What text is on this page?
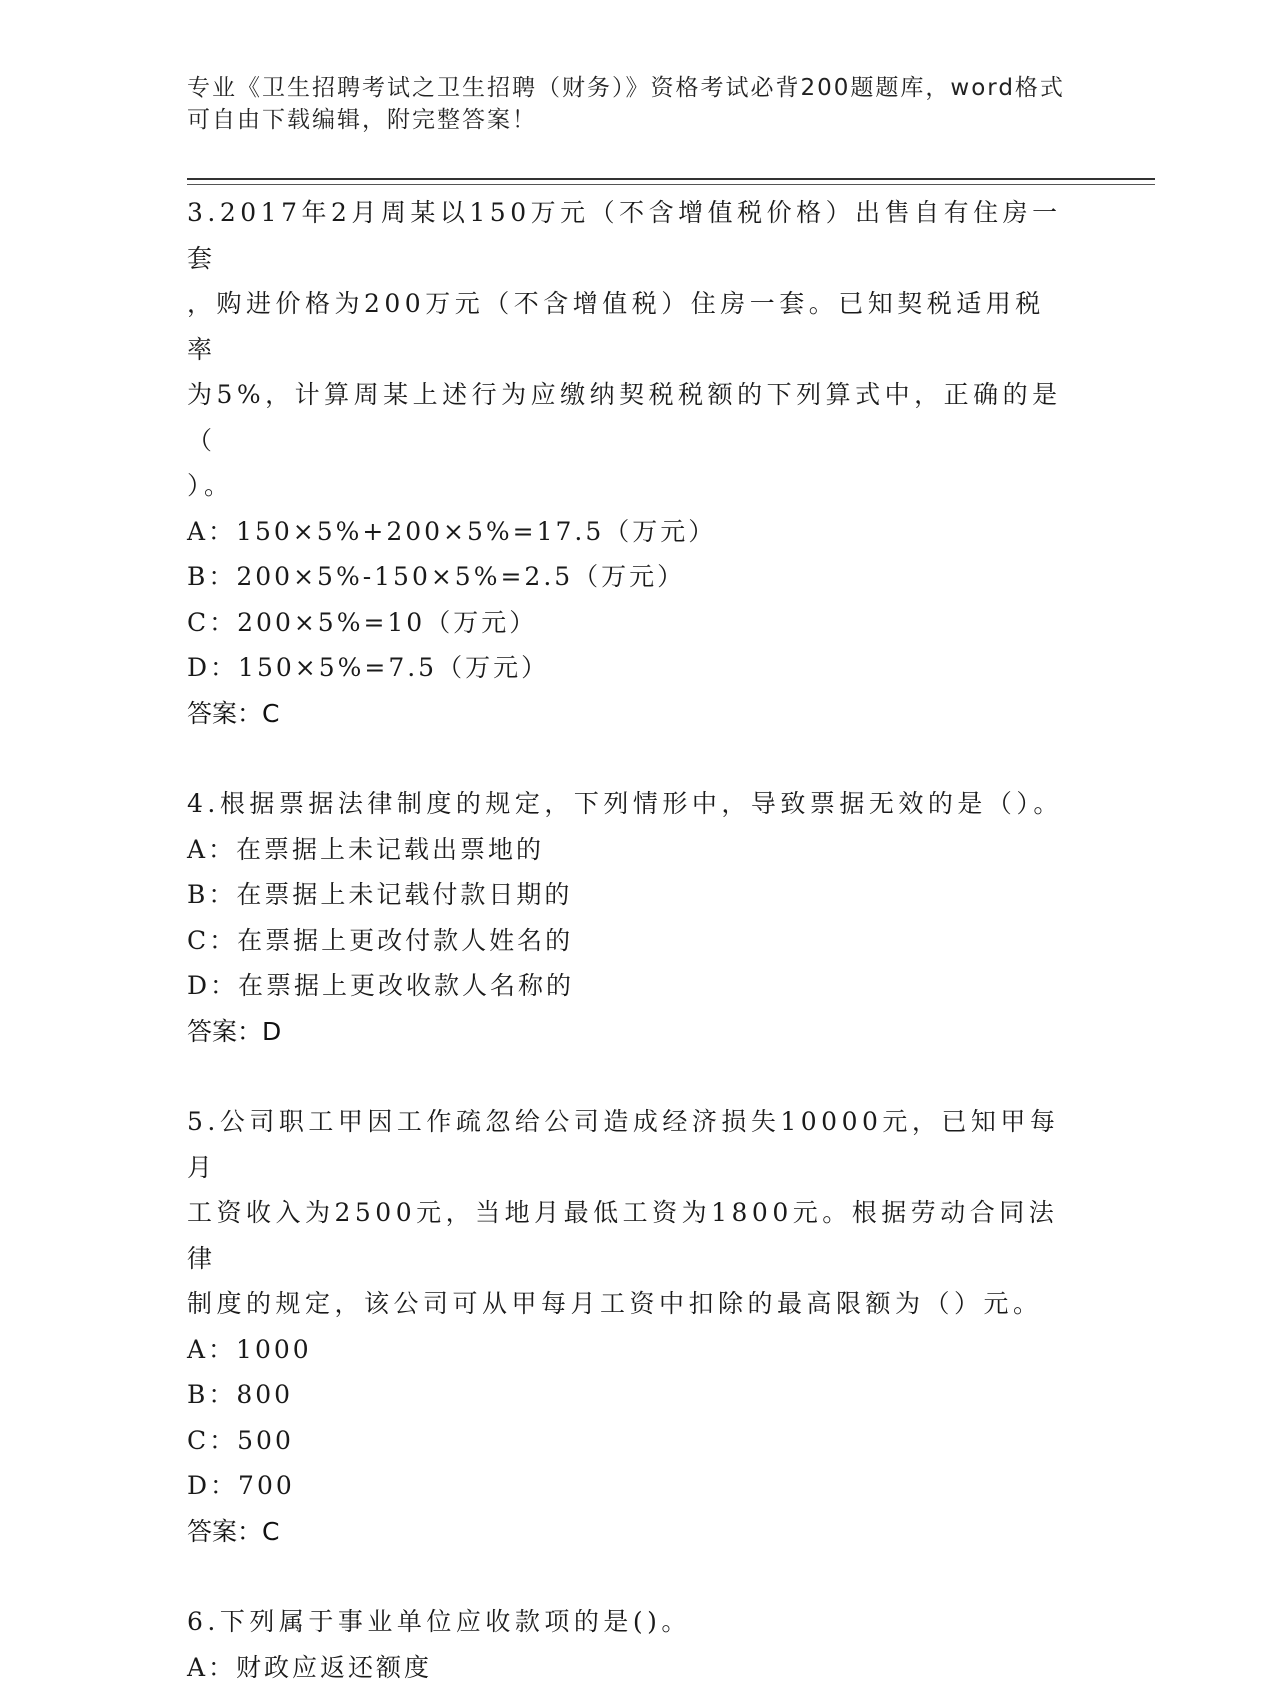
专业《卫生招聘考试之卫生招聘（财务）》资格考试必背200题题库，word格式
可自由下载编辑，附完整答案！

3.2017年2月周某以150万元（不含增值税价格）出售自有住房一套

，购进价格为200万元（不含增值税）住房一套。已知契税适用税率

为5%，计算周某上述行为应缴纳契税税额的下列算式中，正确的是（

）。

A：150×5%+200×5%=17.5（万元）

B：200×5%-150×5%=2.5（万元）

C：200×5%=10（万元）

D：150×5%=7.5（万元）

答案：C

4.根据票据法律制度的规定，下列情形中，导致票据无效的是（）。

A：在票据上未记载出票地的

B：在票据上未记载付款日期的

C：在票据上更改付款人姓名的

D：在票据上更改收款人名称的

答案：D

5.公司职工甲因工作疏忽给公司造成经济损失10000元，已知甲每月

工资收入为2500元，当地月最低工资为1800元。根据劳动合同法律

制度的规定，该公司可从甲每月工资中扣除的最高限额为（）元。

A：1000

B：800

C：500

D：700

答案：C

6.下列属于事业单位应收款项的是()。

A：财政应返还额度
